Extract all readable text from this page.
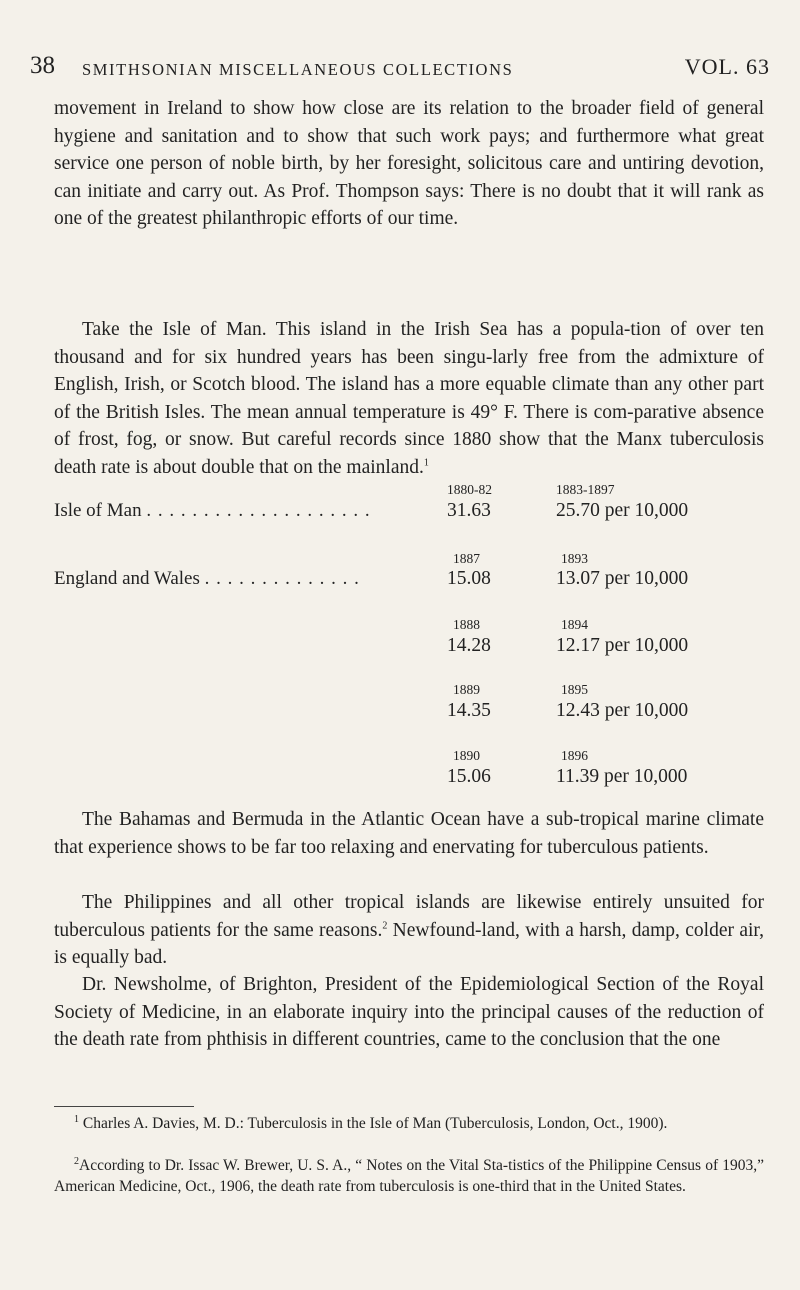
38 SMITHSONIAN MISCELLANEOUS COLLECTIONS	VOL. 63

movement in Ireland to show how close are its relation to the broader field of general hygiene and sanitation and to show that such work pays; and furthermore what great service one person of noble birth, by her foresight, solicitous care and untiring devotion, can initiate and carry out. As Prof. Thompson says: There is no doubt that it will rank as one of the greatest philanthropic efforts of our time.

Take the Isle of Man. This island in the Irish Sea has a popula-tion of over ten thousand and for six hundred years has been singu-larly free from the admixture of English, Irish, or Scotch blood. The island has a more equable climate than any other part of the British Isles. The mean annual temperature is 49° F. There is com-parative absence of frost, fog, or snow. But careful records since 1880 show that the Manx tuberculosis death rate is about double that on the mainland.$^1$

1880-82	1883-1897
Isle of Man . . . . . . . . . . . . . . . . . . . .	31.63	25.70 per 10,000
1887	1893
England and Wales . . . . . . . . . . . . . .	15.08	13.07 per 10,000
1888	1894
14.28	12.17 per 10,000
1889	1895
14.35	12.43 per 10,000
1890	1896
15.06	11.39 per 10,000

The Bahamas and Bermuda in the Atlantic Ocean have a sub-tropical marine climate that experience shows to be far too relaxing and enervating for tuberculous patients.

The Philippines and all other tropical islands are likewise entirely unsuited for tuberculous patients for the same reasons.$^2$ Newfound-land, with a harsh, damp, colder air, is equally bad.

Dr. Newsholme, of Brighton, President of the Epidemiological Section of the Royal Society of Medicine, in an elaborate inquiry into the principal causes of the reduction of the death rate from phthisis in different countries, came to the conclusion that the one

$^1$ Charles A. Davies, M. D.: Tuberculosis in the Isle of Man (Tuberculosis, London, Oct., 1900).

$^2$According to Dr. Issac W. Brewer, U. S. A., “ Notes on the Vital Sta-tistics of the Philippine Census of 1903,” American Medicine, Oct., 1906, the death rate from tuberculosis is one-third that in the United States.
